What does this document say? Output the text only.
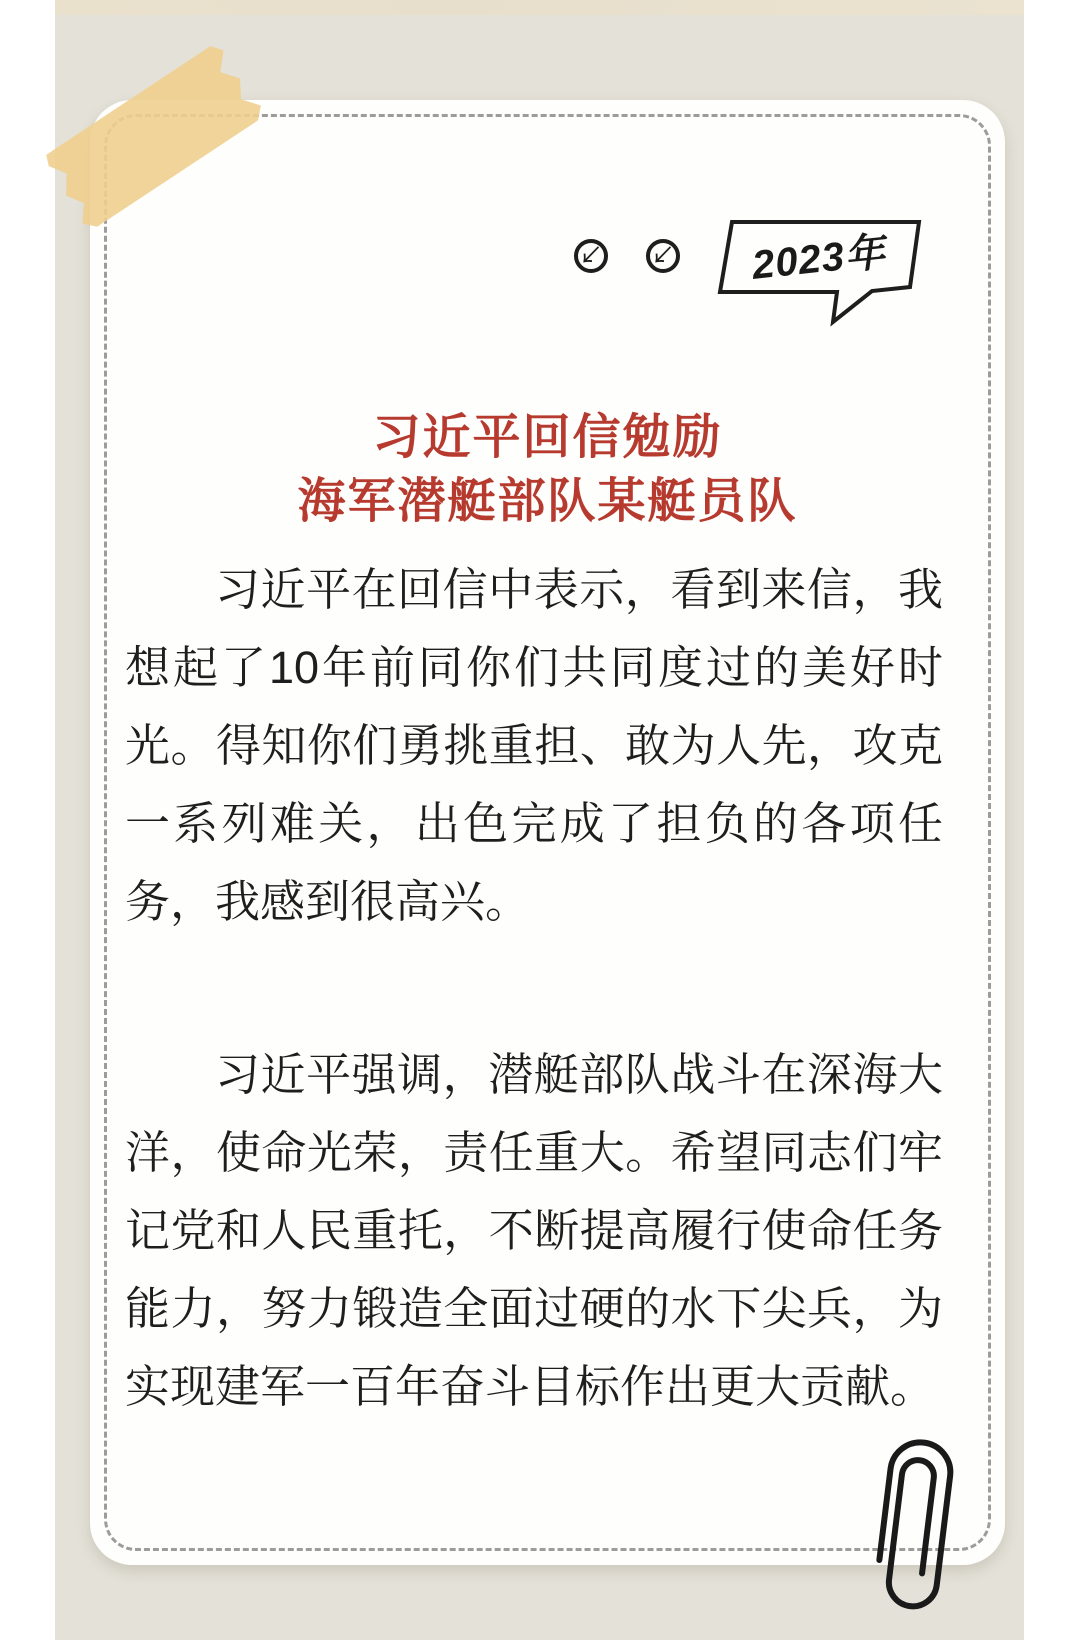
↙ ↙	2023年
习近平回信勉励
海军潜艇部队某艇员队

习近平在回信中表示，看到来信，我想起了10年前同你们共同度过的美好时光。得知你们勇挑重担、敢为人先，攻克一系列难关，出色完成了担负的各项任务，我感到很高兴。

习近平强调，潜艇部队战斗在深海大洋，使命光荣，责任重大。希望同志们牢记党和人民重托，不断提高履行使命任务能力，努力锻造全面过硬的水下尖兵，为实现建军一百年奋斗目标作出更大贡献。
